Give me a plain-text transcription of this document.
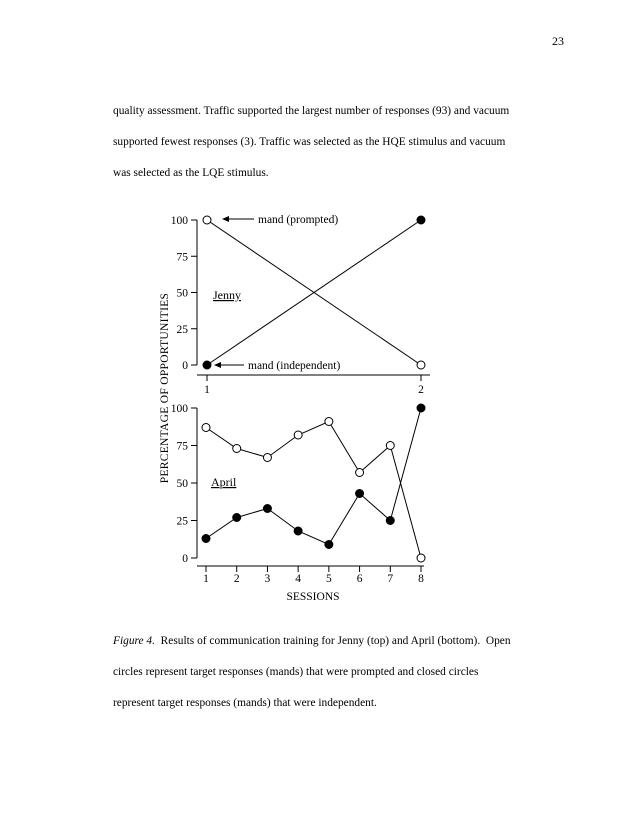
23
quality assessment. Traffic supported the largest number of responses (93) and vacuum
supported fewest responses (3). Traffic was selected as the HQE stimulus and vacuum
was selected as the LQE stimulus.
PERCENTAGE OF OPPORTUNITIES 0
25
50
75
100
1	2
Jenny
mand (prompted)
mand (independent)
0
25
50
75
100
1 2 3 4 5 6 7 8
April
SESSIONS
Figure 4.  Results of communication training for Jenny (top) and April (bottom).  Open
circles represent target responses (mands) that were prompted and closed circles
represent target responses (mands) that were independent.
